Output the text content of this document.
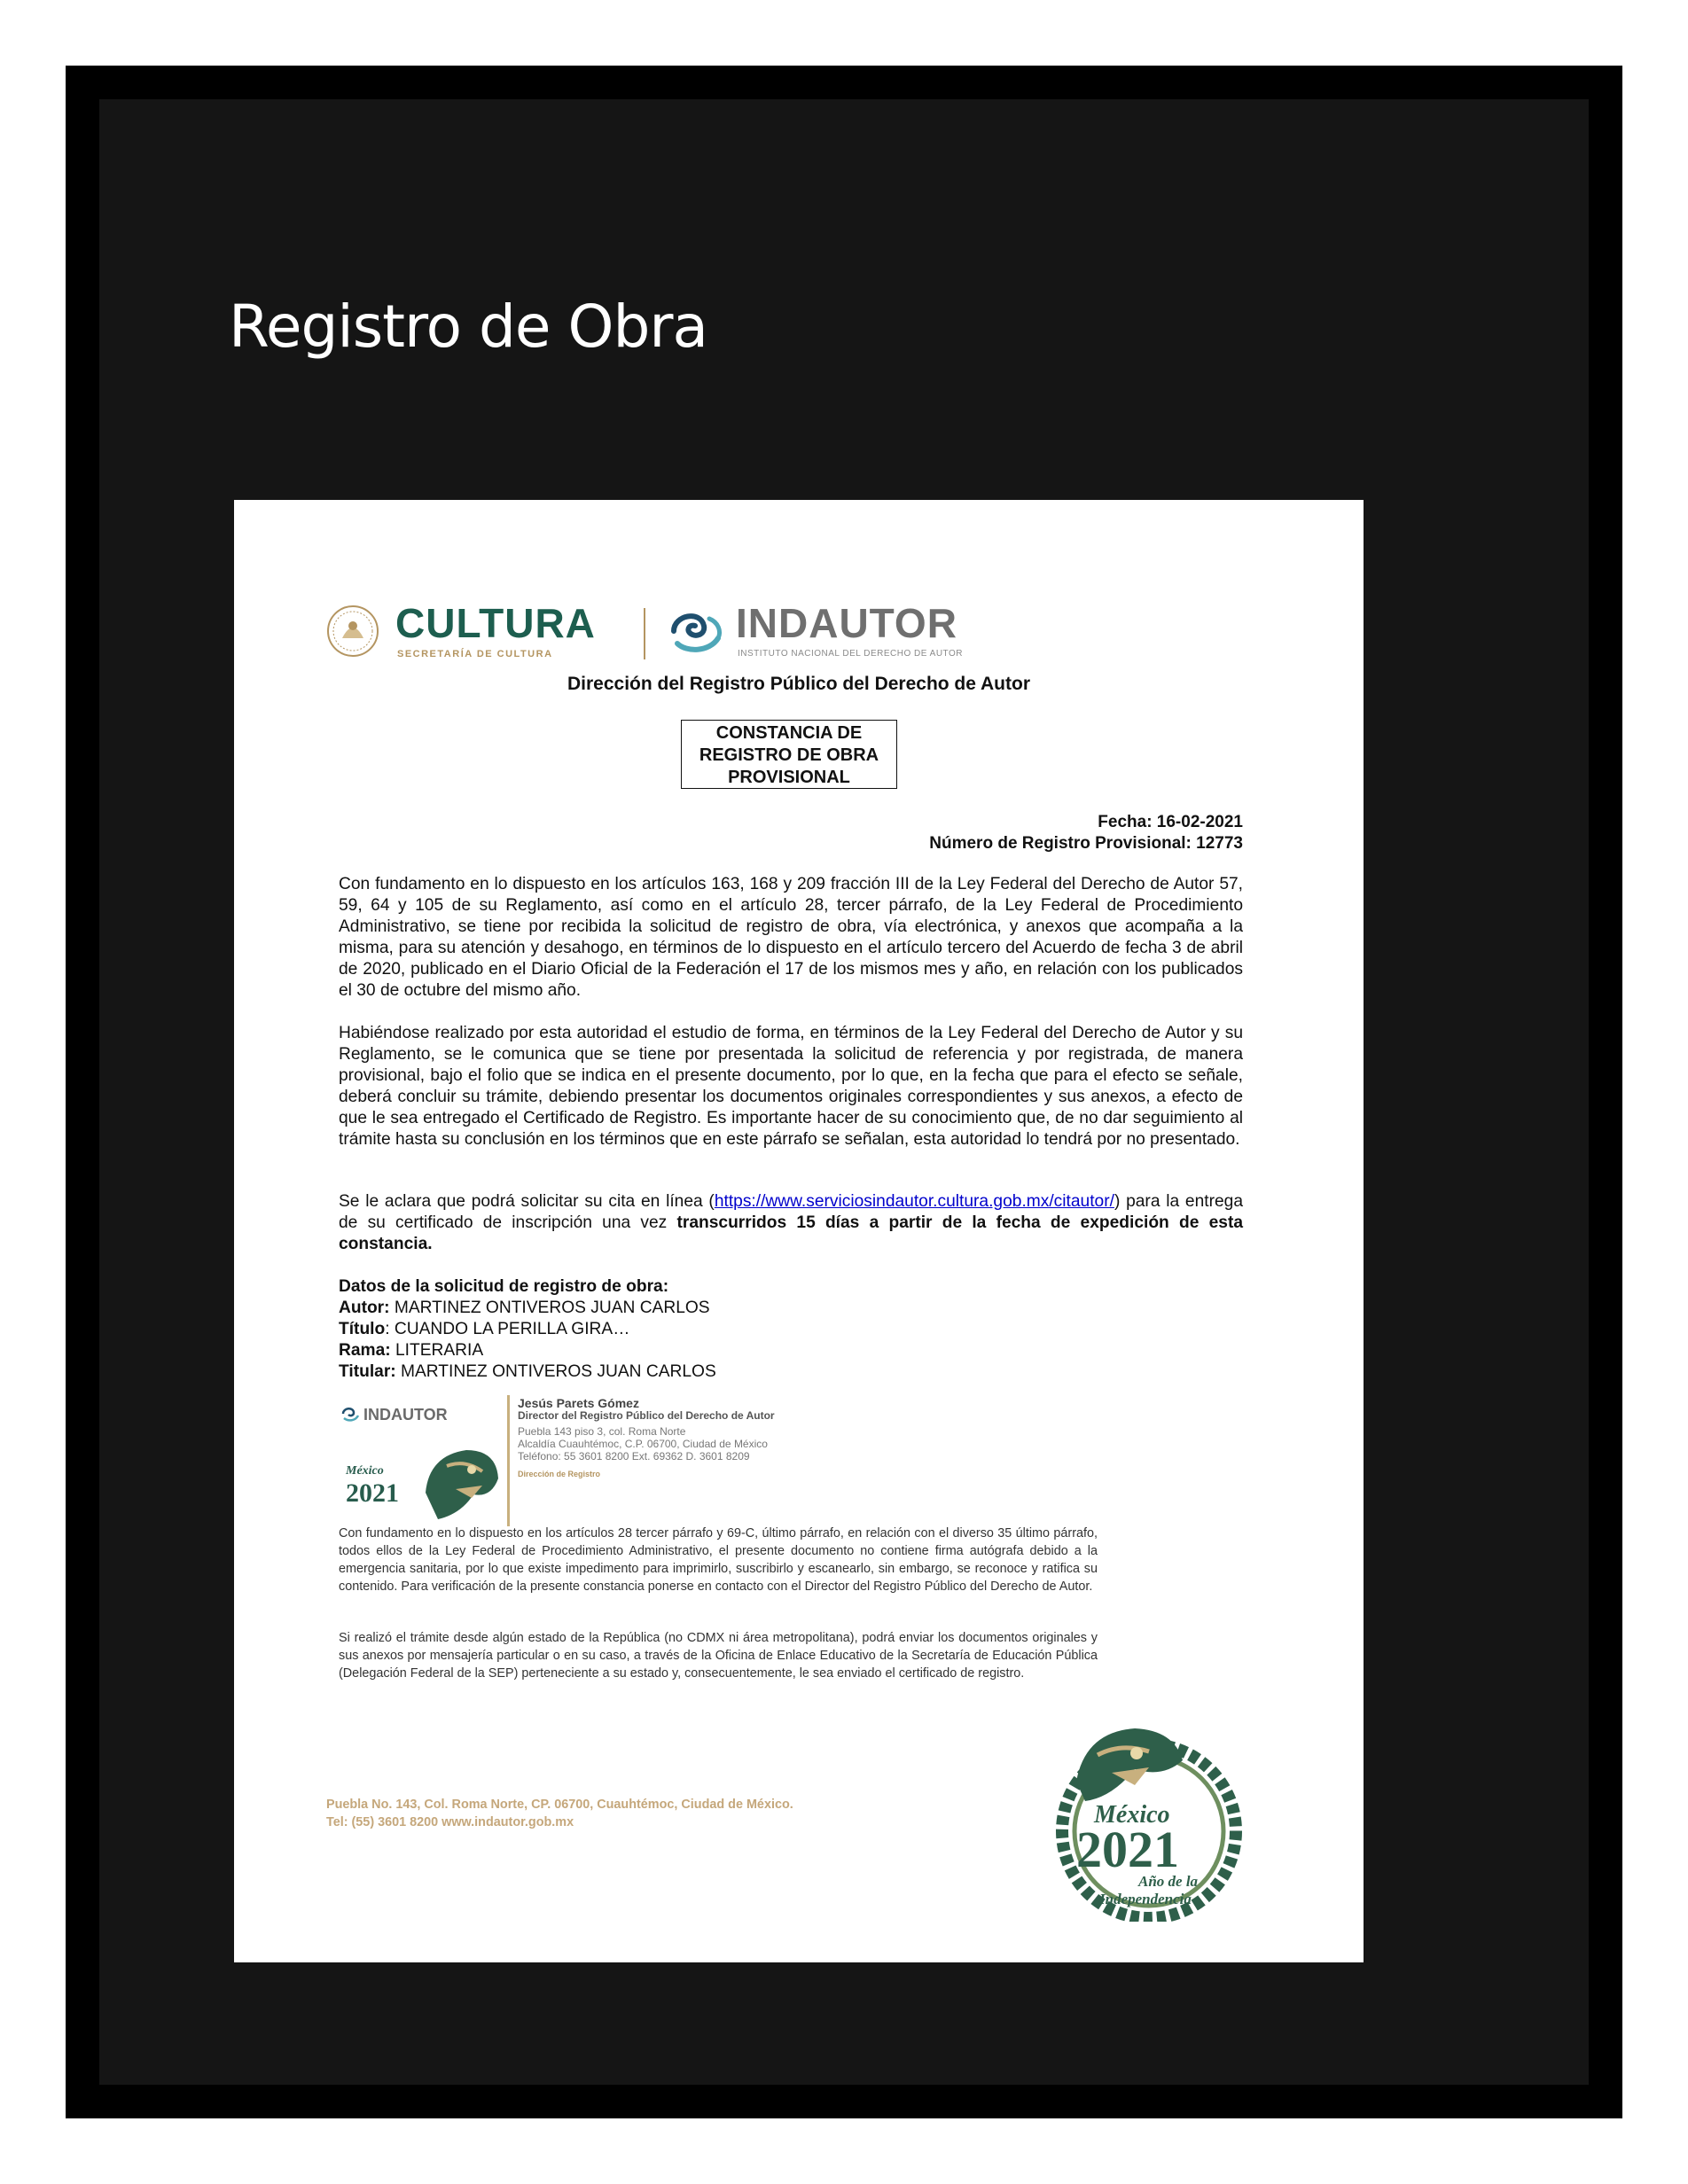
Registro de Obra
CULTURA
SECRETARÍA DE CULTURA
INDAUTOR
INSTITUTO NACIONAL DEL DERECHO DE AUTOR
Dirección del Registro Público del Derecho de Autor
CONSTANCIA DE
REGISTRO DE OBRA
PROVISIONAL
Fecha: 16-02-2021
Número de Registro Provisional: 12773
Con fundamento en lo dispuesto en los artículos 163, 168 y 209 fracción III de la Ley Federal del Derecho de Autor 57, 59, 64 y 105 de su Reglamento, así como en el artículo 28, tercer párrafo, de la Ley Federal de Procedimiento Administrativo, se tiene por recibida la solicitud de registro de obra, vía electrónica, y anexos que acompaña a la misma, para su atención y desahogo, en términos de lo dispuesto en el artículo tercero del Acuerdo de fecha 3 de abril de 2020, publicado en el Diario Oficial de la Federación el 17 de los mismos mes y año, en relación con los publicados el 30 de octubre del mismo año.
Habiéndose realizado por esta autoridad el estudio de forma, en términos de la Ley Federal del Derecho de Autor y su Reglamento, se le comunica que se tiene por presentada la solicitud de referencia y por registrada, de manera provisional, bajo el folio que se indica en el presente documento, por lo que, en la fecha que para el efecto se señale, deberá concluir su trámite, debiendo presentar los documentos originales correspondientes y sus anexos, a efecto de que le sea entregado el Certificado de Registro. Es importante hacer de su conocimiento que, de no dar seguimiento al trámite hasta su conclusión en los términos que en este párrafo se señalan, esta autoridad lo tendrá por no presentado.
Se le aclara que podrá solicitar su cita en línea (https://www.serviciosindautor.cultura.gob.mx/citautor/) para la entrega de su certificado de inscripción una vez transcurridos 15 días a partir de la fecha de expedición de esta constancia.
Datos de la solicitud de registro de obra:
Autor: MARTINEZ ONTIVEROS JUAN CARLOS
Título: CUANDO LA PERILLA GIRA…
Rama: LITERARIA
Titular: MARTINEZ ONTIVEROS JUAN CARLOS
INDAUTOR
México
2021
Jesús Parets Gómez
Director del Registro Público del Derecho de Autor
Puebla 143 piso 3, col. Roma Norte
Alcaldía Cuauhtémoc, C.P. 06700, Ciudad de México
Teléfono: 55 3601 8200 Ext. 69362 D. 3601 8209
Dirección de Registro
Con fundamento en lo dispuesto en los artículos 28 tercer párrafo y 69-C, último párrafo, en relación con el diverso 35 último párrafo, todos ellos de la Ley Federal de Procedimiento Administrativo, el presente documento no contiene firma autógrafa debido a la emergencia sanitaria, por lo que existe impedimento para imprimirlo, suscribirlo y escanearlo, sin embargo, se reconoce y ratifica su contenido. Para verificación de la presente constancia ponerse en contacto con el Director del Registro Público del Derecho de Autor.
Si realizó el trámite desde algún estado de la República (no CDMX ni área metropolitana), podrá enviar los documentos originales y sus anexos por mensajería particular o en su caso, a través de la Oficina de Enlace Educativo de la Secretaría de Educación Pública (Delegación Federal de la SEP) perteneciente a su estado y, consecuentemente, le sea enviado el certificado de registro.
Puebla No. 143, Col. Roma Norte, CP. 06700, Cuauhtémoc, Ciudad de México.
Tel: (55) 3601 8200 www.indautor.gob.mx	México
2021
Año de la
Independencia
